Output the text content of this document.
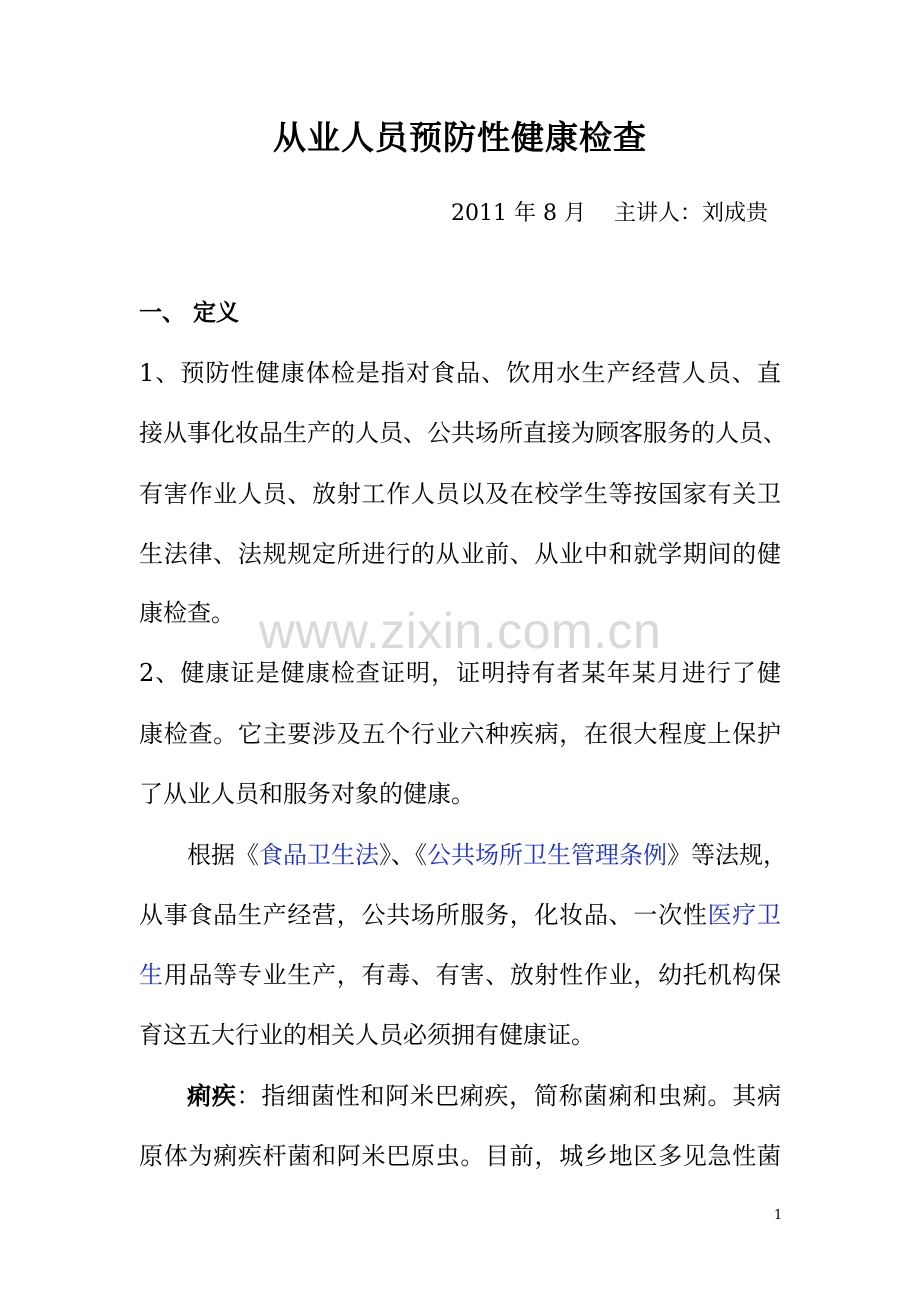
从业人员预防性健康检查
2011 年 8 月    主讲人：刘成贵
一、 定义
1、预防性健康体检是指对食品、饮用水生产经营人员、直
接从事化妆品生产的人员、公共场所直接为顾客服务的人员、
有害作业人员、放射工作人员以及在校学生等按国家有关卫
生法律、法规规定所进行的从业前、从业中和就学期间的健
康检查。 www.zixin.com.cn
2、健康证是健康检查证明，证明持有者某年某月进行了健
康检查。它主要涉及五个行业六种疾病，在很大程度上保护
了从业人员和服务对象的健康。
根据《食品卫生法》、《公共场所卫生管理条例》等法规，
从事食品生产经营，公共场所服务，化妆品、一次性医疗卫
生用品等专业生产，有毒、有害、放射性作业，幼托机构保
育这五大行业的相关人员必须拥有健康证。
痢疾：指细菌性和阿米巴痢疾，简称菌痢和虫痢。其病
原体为痢疾杆菌和阿米巴原虫。目前，城乡地区多见急性菌
1
